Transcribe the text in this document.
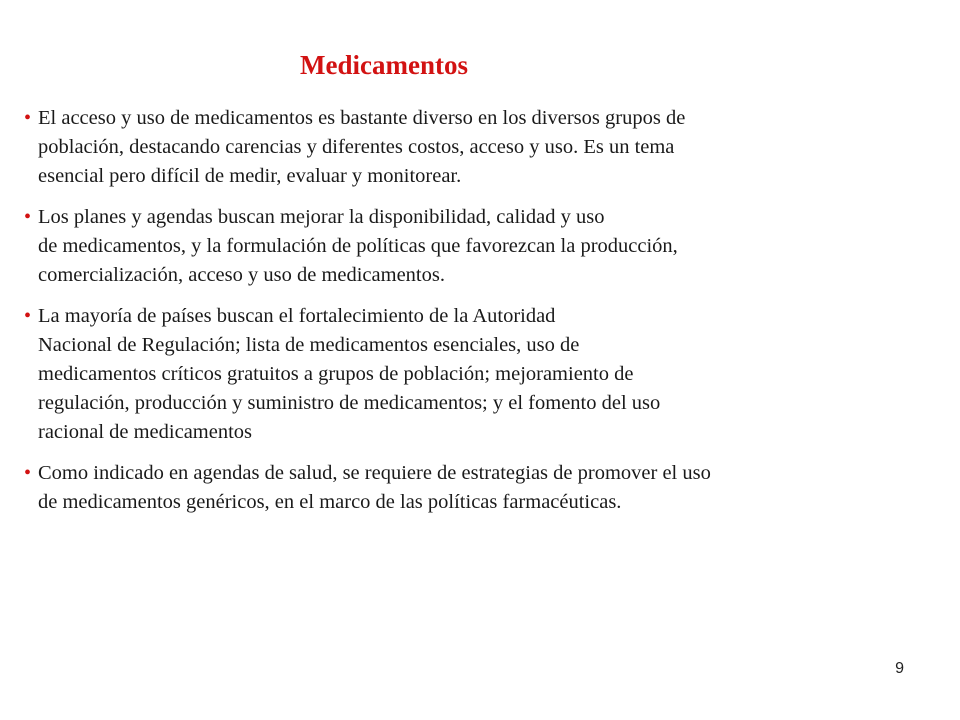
Medicamentos
• El acceso y uso de medicamentos es bastante diverso en los diversos grupos de
población, destacando carencias y diferentes costos, acceso y uso. Es un tema
esencial pero difícil de medir, evaluar y monitorear.
• Los planes y agendas buscan mejorar la disponibilidad, calidad y uso
de medicamentos, y la formulación de políticas que favorezcan la producción,
comercialización, acceso y uso de medicamentos.
• La mayoría de países buscan el fortalecimiento de la Autoridad
Nacional de Regulación; lista de medicamentos esenciales, uso de
medicamentos críticos gratuitos a grupos de población; mejoramiento de
regulación, producción y suministro de medicamentos; y el fomento del uso
racional de medicamentos
• Como indicado en agendas de salud, se requiere de estrategias de promover el uso
de medicamentos genéricos, en el marco de las políticas farmacéuticas.

9
